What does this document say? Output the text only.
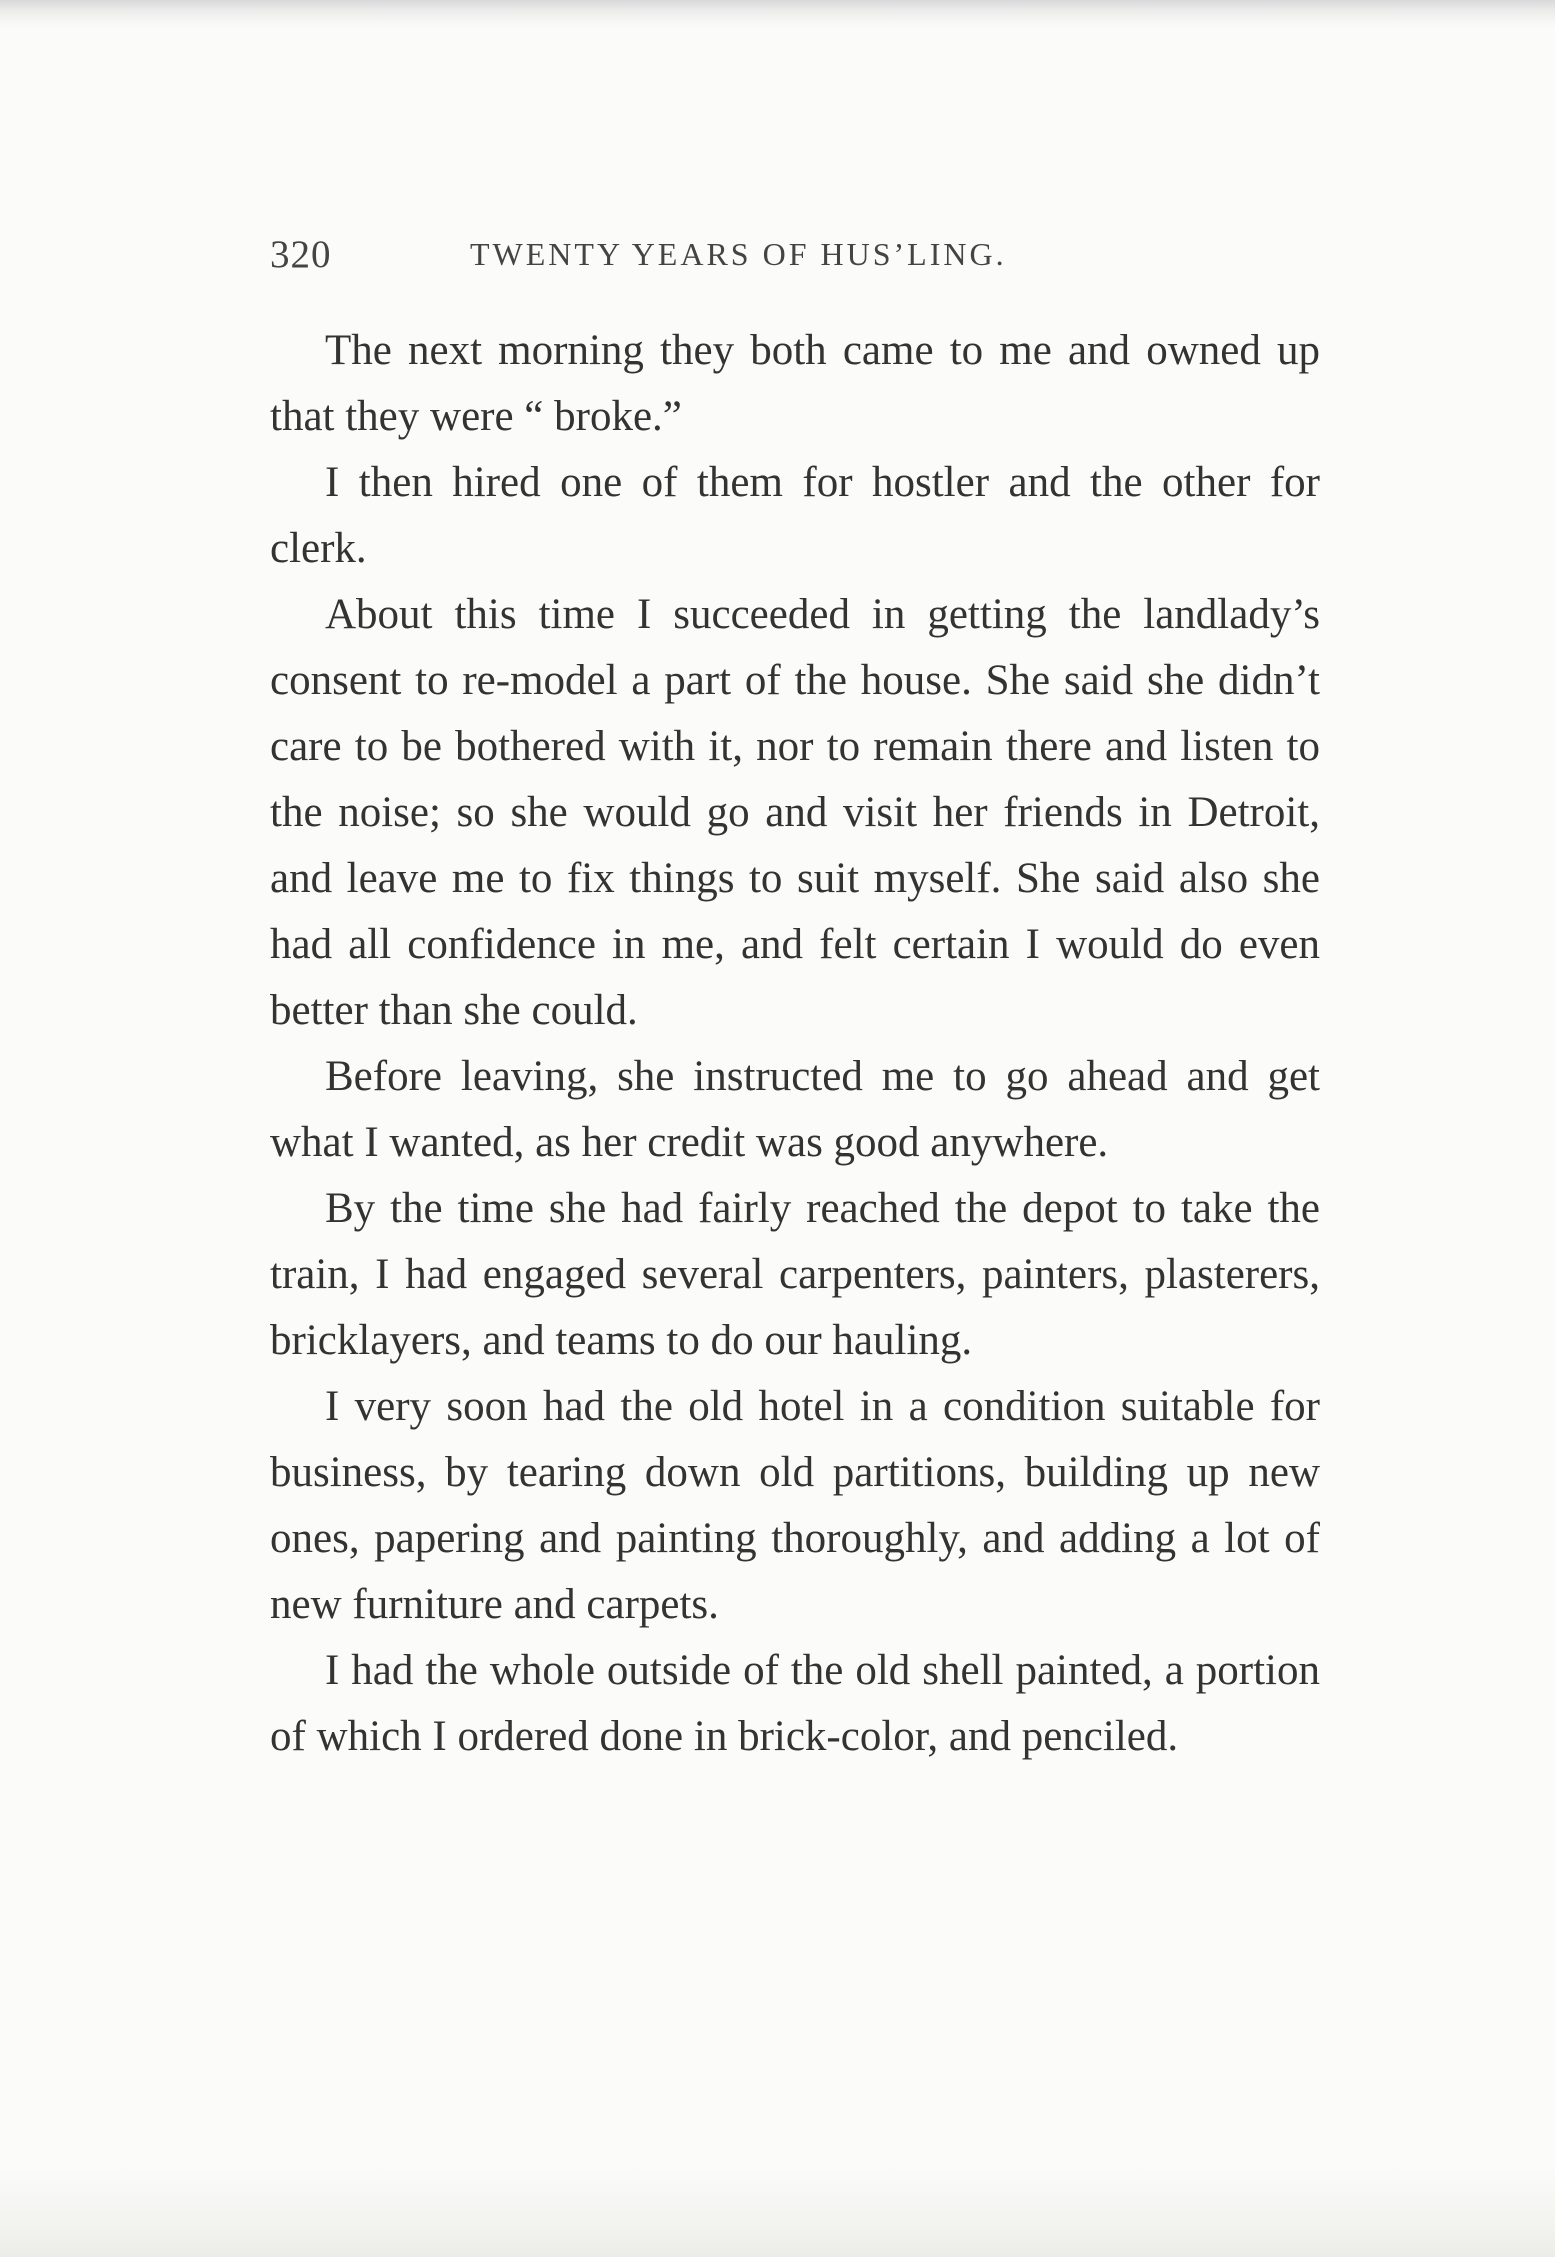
320	TWENTY YEARS OF HUS’LING.

The next morning they both came to me and owned up that they were “ broke.”

I then hired one of them for hostler and the other for clerk.

About this time I succeeded in getting the landlady’s consent to re-model a part of the house. She said she didn’t care to be bothered with it, nor to remain there and listen to the noise; so she would go and visit her friends in Detroit, and leave me to fix things to suit myself. She said also she had all confidence in me, and felt certain I would do even better than she could.

Before leaving, she instructed me to go ahead and get what I wanted, as her credit was good anywhere.

By the time she had fairly reached the depot to take the train, I had engaged several carpenters, painters, plasterers, bricklayers, and teams to do our hauling.

I very soon had the old hotel in a condition suitable for business, by tearing down old partitions, building up new ones, papering and painting thoroughly, and adding a lot of new furniture and carpets.

I had the whole outside of the old shell painted, a portion of which I ordered done in brick-color, and penciled.
